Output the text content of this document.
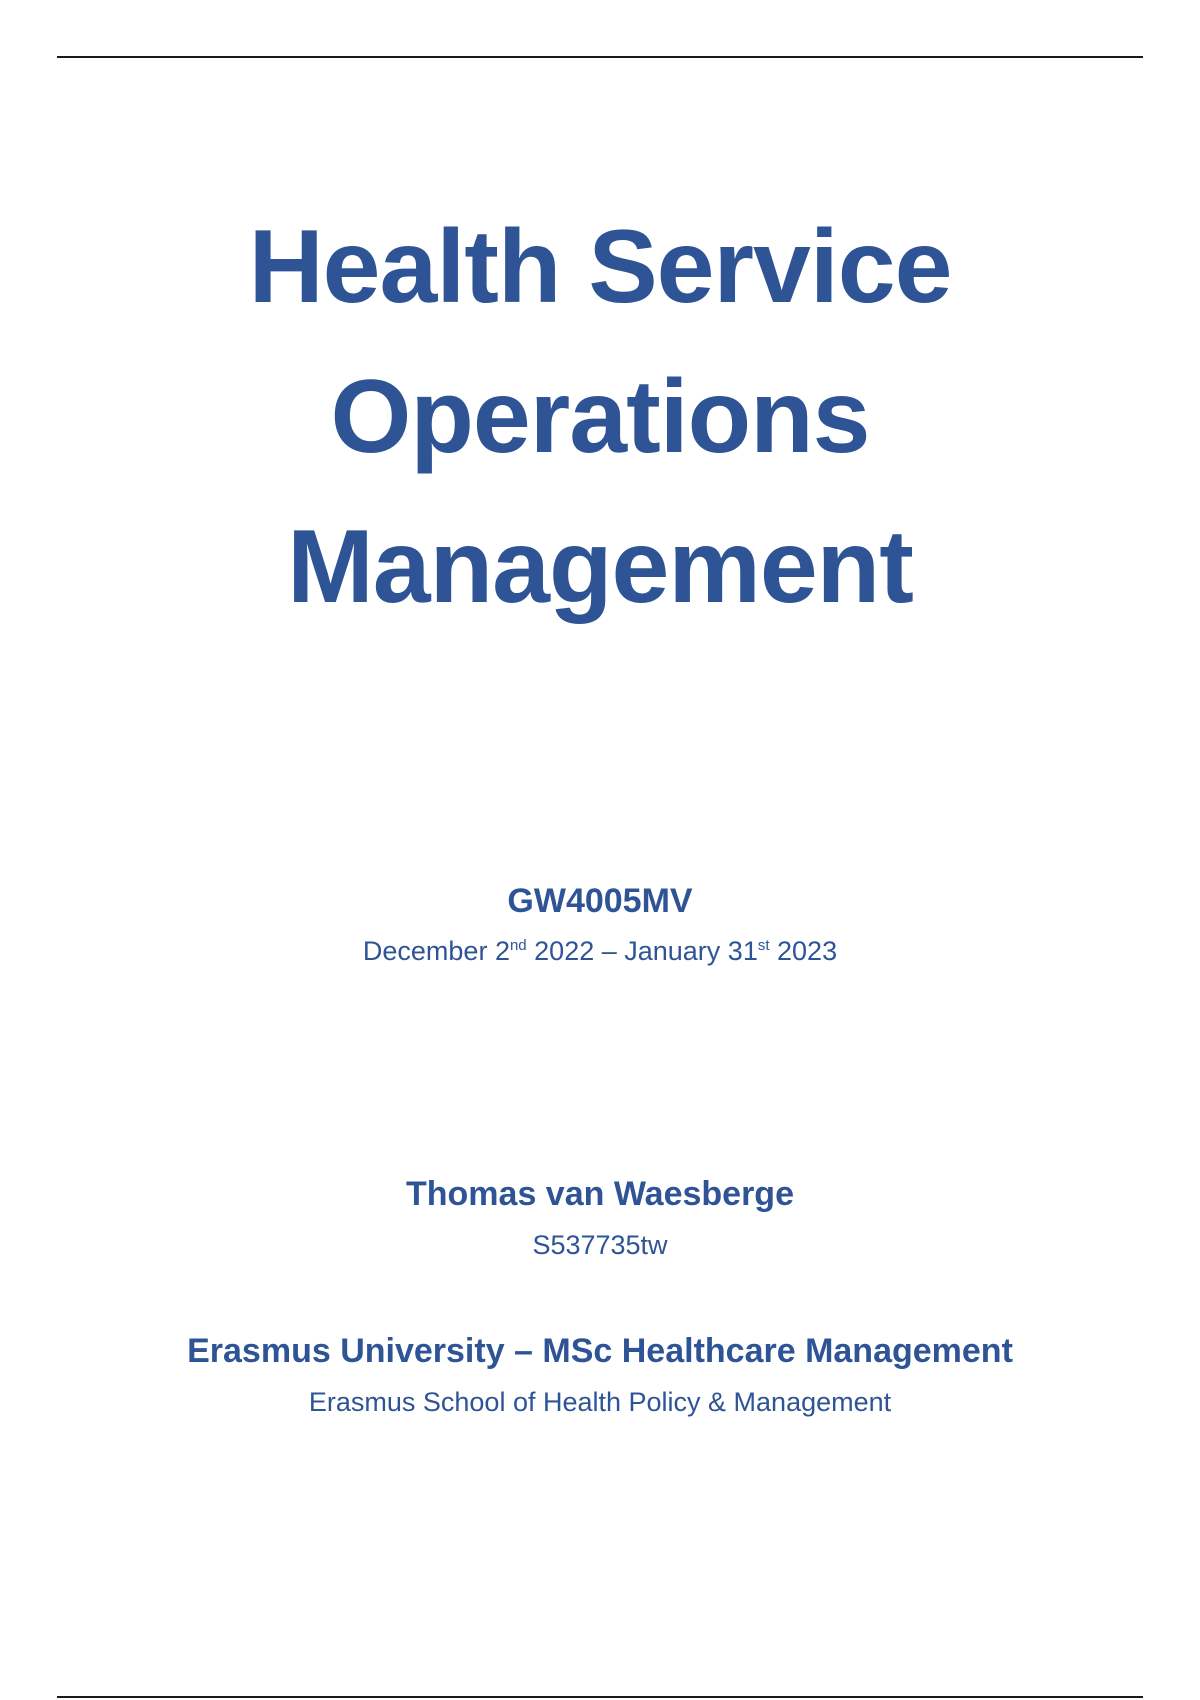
Health Service
Operations
Management
GW4005MV
December 2nd 2022 – January 31st 2023
Thomas van Waesberge
S537735tw
Erasmus University – MSc Healthcare Management
Erasmus School of Health Policy & Management
